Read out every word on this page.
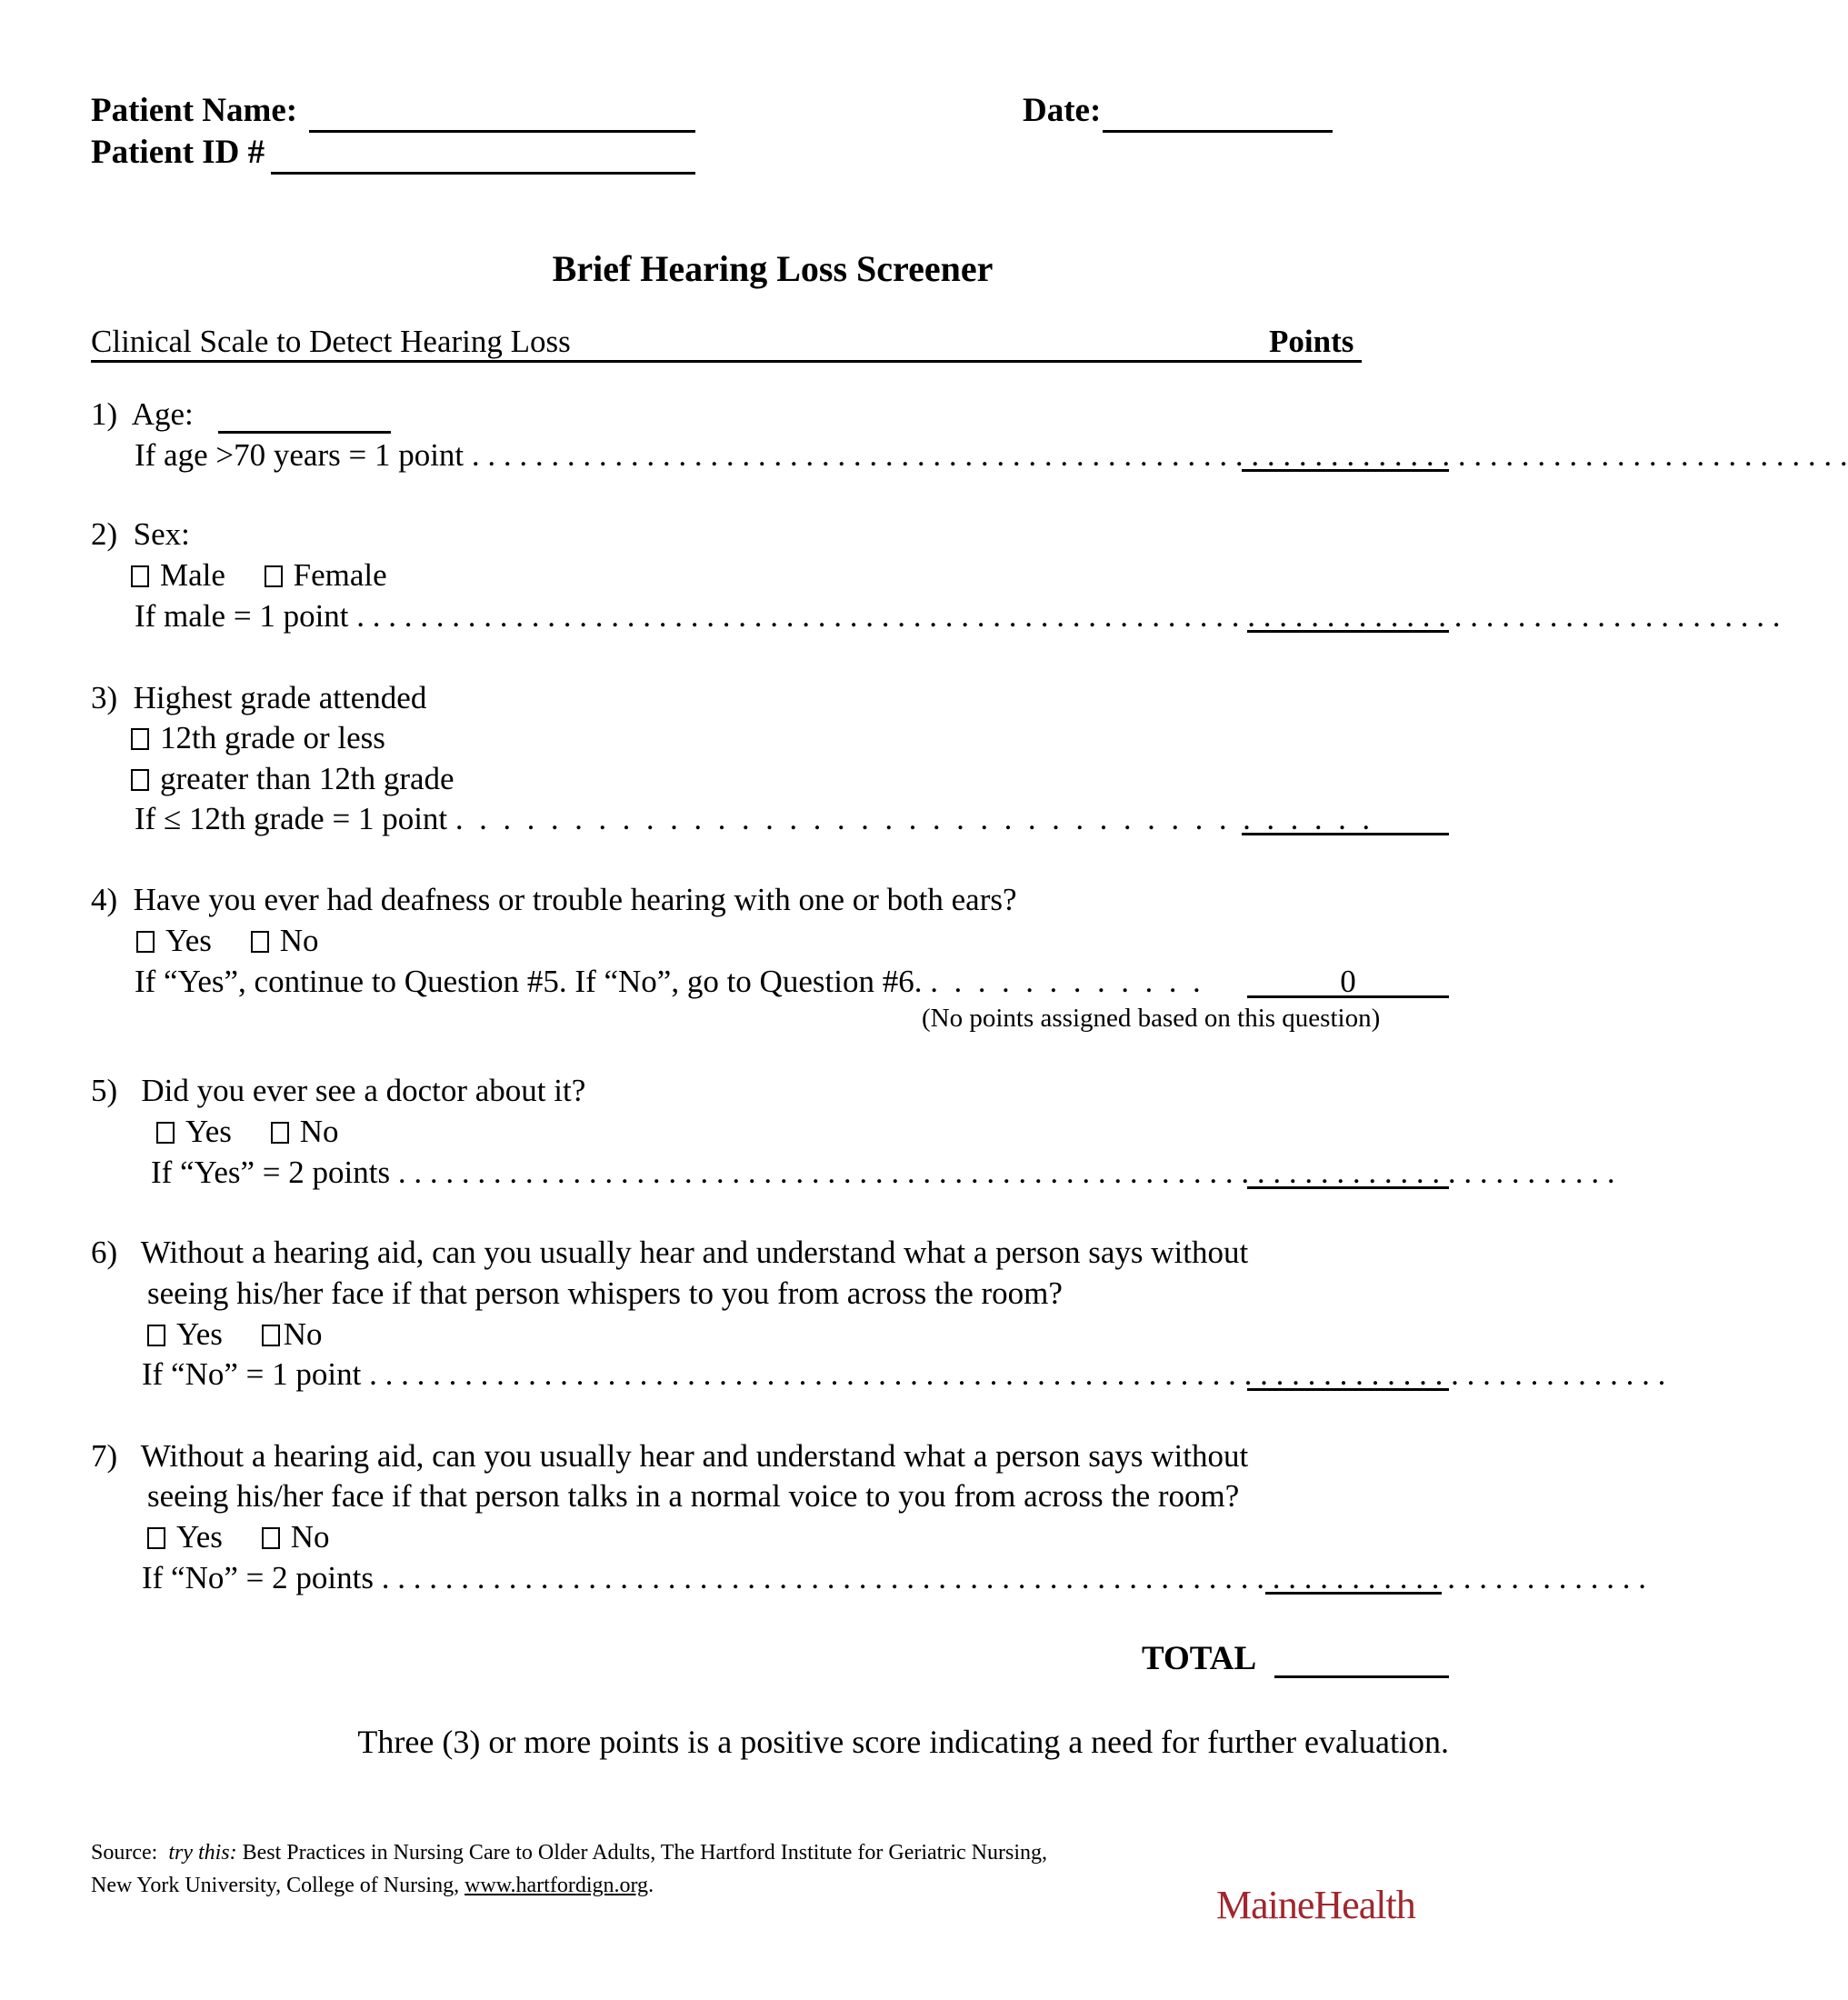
Patient Name:
Patient ID #
Date:
Brief Hearing Loss Screener
Clinical Scale to Detect Hearing Loss	Points
1) Age:
If age >70 years = 1 point . . . . . . . . . . . . . . . . . . . . . . . . . . . . . . . . . . . . . . . . . . . . . . . . . . . . . . . . . . . . . . . . . . . . . . . . . . . . . . . . . . . . . . .
2) Sex:
Male Female
If male = 1 point . . . . . . . . . . . . . . . . . . . . . . . . . . . . . . . . . . . . . . . . . . . . . . . . . . . . . . . . . . . . . . . . . . . . . . . . . . . . . . . . . . . . . . . . . .
3) Highest grade attended
12th grade or less
greater than 12th grade
If ≤ 12th grade = 1 point .  .  .  .  .  .  .  .  .  .  .  .  .  .  .  .  .  .  .  .  .  .  .  .  .  .  .  .  .  .  .  .  .  .  .  .  .  .  .
4) Have you ever had deafness or trouble hearing with one or both ears?
Yes No
If “Yes”, continue to Question #5. If “No”, go to Question #6. .  .  .  .  .  .  .  .  .  .  .  .	0
(No points assigned based on this question)
5) Did you ever see a doctor about it?
Yes No
If “Yes” = 2 points . . . . . . . . . . . . . . . . . . . . . . . . . . . . . . . . . . . . . . . . . . . . . . . . . . . . . . . . . . . . . . . . . . . . . . . . . . . . .
6) Without a hearing aid, can you usually hear and understand what a person says without
seeing his/her face if that person whispers to you from across the room?
Yes No
If “No” = 1 point . . . . . . . . . . . . . . . . . . . . . . . . . . . . . . . . . . . . . . . . . . . . . . . . . . . . . . . . . . . . . . . . . . . . . . . . . . . . . . . . . .
7) Without a hearing aid, can you usually hear and understand what a person says without
seeing his/her face if that person talks in a normal voice to you from across the room?
Yes No
If “No” = 2 points . . . . . . . . . . . . . . . . . . . . . . . . . . . . . . . . . . . . . . . . . . . . . . . . . . . . . . . . . . . . . . . . . . . . . . . . . . . . . . . .
TOTAL
Three (3) or more points is a positive score indicating a need for further evaluation.
Source: try this: Best Practices in Nursing Care to Older Adults, The Hartford Institute for Geriatric Nursing,
New York University, College of Nursing, www.hartfordign.org.	MaineHealth
